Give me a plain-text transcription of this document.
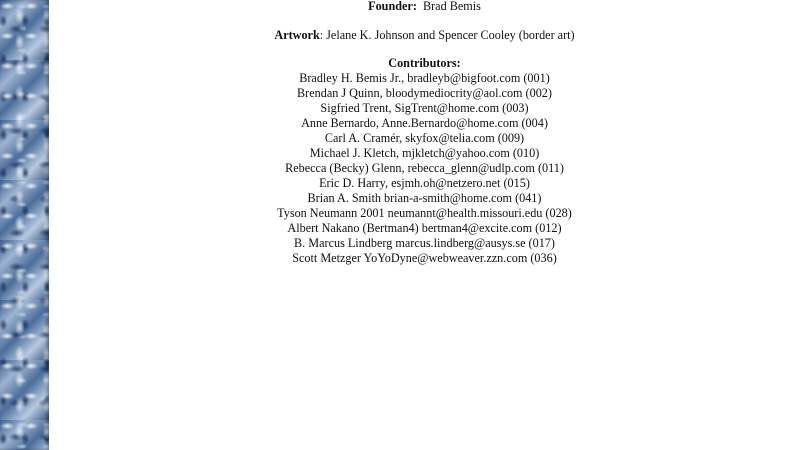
Founder: Brad Bemis
Artwork: Jelane K. Johnson and Spencer Cooley (border art)
Contributors:
Bradley H. Bemis Jr., bradleyb@bigfoot.com (001)
Brendan J Quinn, bloodymediocrity@aol.com (002)
Sigfried Trent, SigTrent@home.com (003)
Anne Bernardo, Anne.Bernardo@home.com (004)
Carl A. Cramér, skyfox@telia.com (009)
Michael J. Kletch, mjkletch@yahoo.com (010)
Rebecca (Becky) Glenn, rebecca_glenn@udlp.com (011)
Eric D. Harry, esjmh.oh@netzero.net (015)
Brian A. Smith brian-a-smith@home.com (041)
Tyson Neumann 2001 neumannt@health.missouri.edu (028)
Albert Nakano (Bertman4) bertman4@excite.com (012)
B. Marcus Lindberg marcus.lindberg@ausys.se (017)
Scott Metzger YoYoDyne@webweaver.zzn.com (036)
